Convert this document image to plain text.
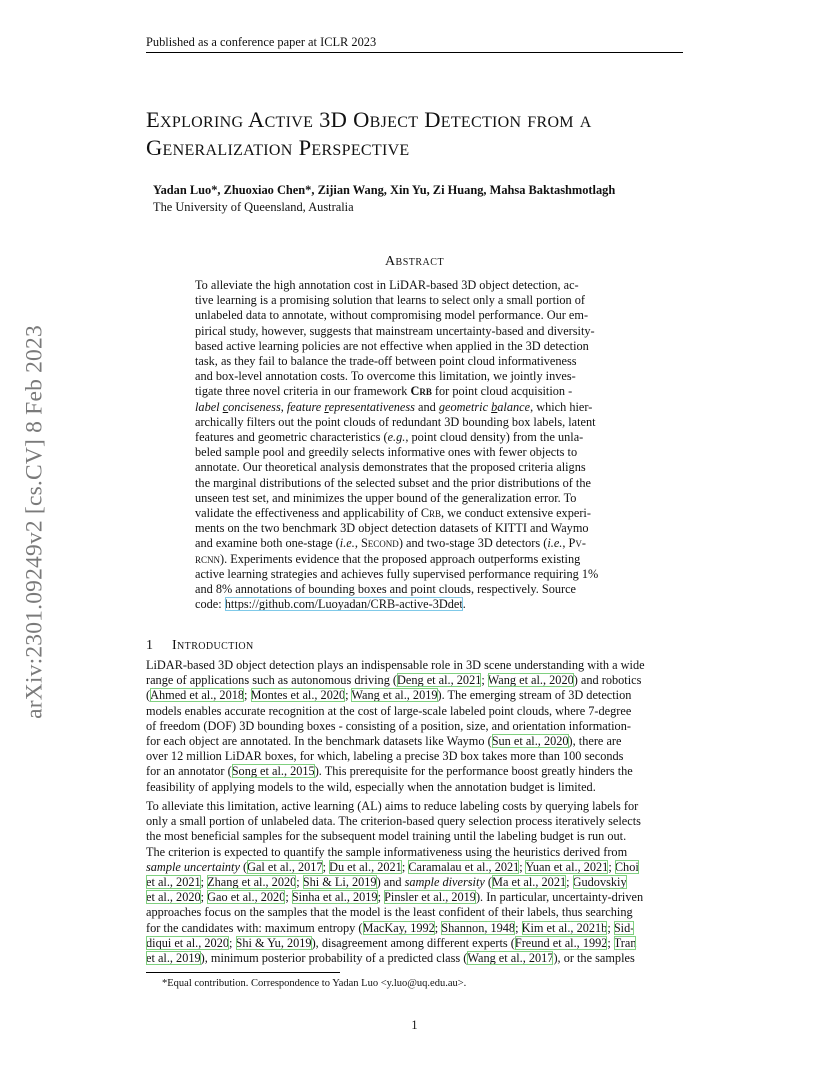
Published as a conference paper at ICLR 2023
arXiv:2301.09249v2 [cs.CV] 8 Feb 2023
Exploring Active 3D Object Detection from a
Generalization Perspective
Yadan Luo*, Zhuoxiao Chen*, Zijian Wang, Xin Yu, Zi Huang, Mahsa Baktashmotlagh
The University of Queensland, Australia
Abstract

To alleviate the high annotation cost in LiDAR-based 3D object detection, ac-

tive learning is a promising solution that learns to select only a small portion of

unlabeled data to annotate, without compromising model performance. Our em-

pirical study, however, suggests that mainstream uncertainty-based and diversity-

based active learning policies are not effective when applied in the 3D detection

task, as they fail to balance the trade-off between point cloud informativeness

and box-level annotation costs. To overcome this limitation, we jointly inves-

tigate three novel criteria in our framework Crb for point cloud acquisition -

label conciseness, feature representativeness and geometric balance, which hier-

archically filters out the point clouds of redundant 3D bounding box labels, latent

features and geometric characteristics (e.g., point cloud density) from the unla-

beled sample pool and greedily selects informative ones with fewer objects to

annotate. Our theoretical analysis demonstrates that the proposed criteria aligns

the marginal distributions of the selected subset and the prior distributions of the

unseen test set, and minimizes the upper bound of the generalization error. To

validate the effectiveness and applicability of Crb, we conduct extensive experi-

ments on the two benchmark 3D object detection datasets of KITTI and Waymo

and examine both one-stage (i.e., Second) and two-stage 3D detectors (i.e., Pv-

rcnn). Experiments evidence that the proposed approach outperforms existing

active learning strategies and achieves fully supervised performance requiring 1%

and 8% annotations of bounding boxes and point clouds, respectively. Source

code: https://github.com/Luoyadan/CRB-active-3Ddet.

1 Introduction

LiDAR-based 3D object detection plays an indispensable role in 3D scene understanding with a wide

range of applications such as autonomous driving (Deng et al., 2021; Wang et al., 2020) and robotics

(Ahmed et al., 2018; Montes et al., 2020; Wang et al., 2019). The emerging stream of 3D detection

models enables accurate recognition at the cost of large-scale labeled point clouds, where 7-degree

of freedom (DOF) 3D bounding boxes - consisting of a position, size, and orientation information-

for each object are annotated. In the benchmark datasets like Waymo (Sun et al., 2020), there are

over 12 million LiDAR boxes, for which, labeling a precise 3D box takes more than 100 seconds

for an annotator (Song et al., 2015). This prerequisite for the performance boost greatly hinders the

feasibility of applying models to the wild, especially when the annotation budget is limited.

To alleviate this limitation, active learning (AL) aims to reduce labeling costs by querying labels for

only a small portion of unlabeled data. The criterion-based query selection process iteratively selects

the most beneficial samples for the subsequent model training until the labeling budget is run out.

The criterion is expected to quantify the sample informativeness using the heuristics derived from

sample uncertainty (Gal et al., 2017; Du et al., 2021; Caramalau et al., 2021; Yuan et al., 2021; Choi

et al., 2021; Zhang et al., 2020; Shi & Li, 2019) and sample diversity (Ma et al., 2021; Gudovskiy

et al., 2020; Gao et al., 2020; Sinha et al., 2019; Pinsler et al., 2019). In particular, uncertainty-driven

approaches focus on the samples that the model is the least confident of their labels, thus searching

for the candidates with: maximum entropy (MacKay, 1992; Shannon, 1948; Kim et al., 2021b; Sid-

diqui et al., 2020; Shi & Yu, 2019), disagreement among different experts (Freund et al., 1992; Tran

et al., 2019), minimum posterior probability of a predicted class (Wang et al., 2017), or the samples

*Equal contribution. Correspondence to Yadan Luo <y.luo@uq.edu.au>.
1
